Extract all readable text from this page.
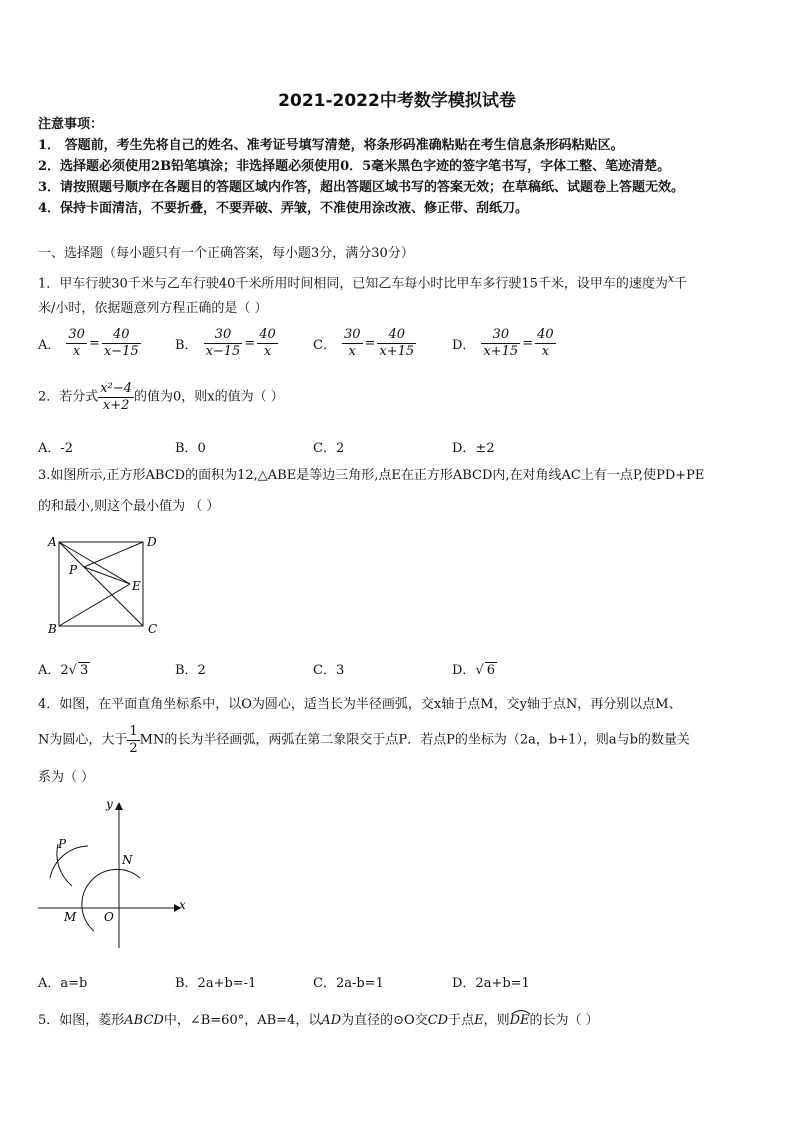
2021-2022中考数学模拟试卷
注意事项：
1． 答题前，考生先将自己的姓名、准考证号填写清楚，将条形码准确粘贴在考生信息条形码粘贴区。
2．选择题必须使用2B铅笔填涂；非选择题必须使用0．5毫米黑色字迹的签字笔书写，字体工整、笔迹清楚。
3．请按照题号顺序在各题目的答题区域内作答，超出答题区域书写的答案无效；在草稿纸、试题卷上答题无效。
4．保持卡面清洁，不要折叠，不要弄破、弄皱，不准使用涂改液、修正带、刮纸刀。
一、选择题（每小题只有一个正确答案，每小题3分，满分30分）
1．甲车行驶30千米与乙车行驶40千米所用时间相同，已知乙车每小时比甲车多行驶15千米，设甲车的速度为$^x$千
米/小时，依据题意列方程正确的是（ ）
A． $\frac{30}{x} = \frac{40}{x-15}$	B． $\frac{30}{x-15} = \frac{40}{x}$	C． $\frac{30}{x} = \frac{40}{x+15}$	D． $\frac{30}{x+15} = \frac{40}{x}$
2．若分式 $\frac{\text{x²−4}}{x+2}$ 的值为0，则x的值为（ ）
A．-2	B．0	C．2	D．±2
3.如图所示,正方形ABCD的面积为12,△ABE是等边三角形,点E在正方形ABCD内,在对角线AC上有一点P,使PD+PE
的和最小,则这个最小值为 （ ）
A	D
B	C
P
E
A．2√ 3	B．2	C．3	D．√ 6
4．如图，在平面直角坐标系中，以O为圆心，适当长为半径画弧，交x轴于点M，交y轴于点N，再分别以点M、
N为圆心，大于 $\frac{1}{2}$ MN的长为半径画弧，两弧在第二象限交于点P．若点P的坐标为（2a，b+1），则a与b的数量关
系为（ ）
x
y
O
M
N
P
A．a=b	B．2a+b=-1	C．2a-b=1	D．2a+b=1
5．如图，菱形ABCD中，∠B=60°，AB=4，以AD为直径的⊙O交CD于点E，则
DE的长为（ ）
